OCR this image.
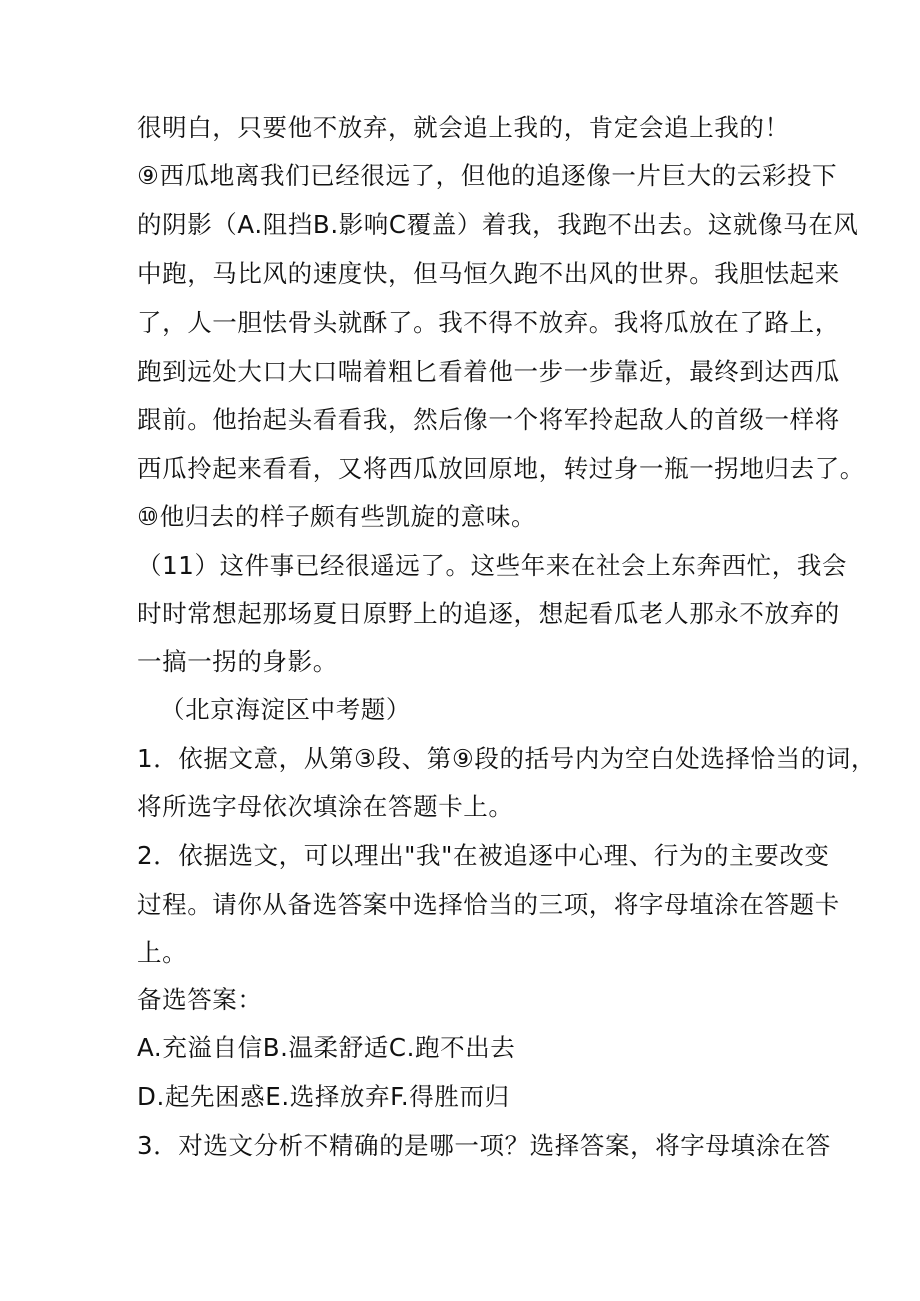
很明白，只要他不放弃，就会追上我的，肯定会追上我的！
⑨西瓜地离我们已经很远了，但他的追逐像一片巨大的云彩投下
的阴影（A.阻挡B.影响C覆盖）着我，我跑不出去。这就像马在风
中跑，马比风的速度快，但马恒久跑不出风的世界。我胆怯起来
了，人一胆怯骨头就酥了。我不得不放弃。我将瓜放在了路上，
跑到远处大口大口喘着粗匕看着他一步一步靠近，最终到达西瓜
跟前。他抬起头看看我，然后像一个将军拎起敌人的首级一样将
西瓜拎起来看看，又将西瓜放回原地，转过身一瓶一拐地归去了。
⑩他归去的样子颇有些凯旋的意味。
（11）这件事已经很遥远了。这些年来在社会上东奔西忙，我会
时时常想起那场夏日原野上的追逐，想起看瓜老人那永不放弃的
一搞一拐的身影。
（北京海淀区中考题）
1．依据文意，从第③段、第⑨段的括号内为空白处选择恰当的词，
将所选字母依次填涂在答题卡上。
2．依据选文，可以理出"我"在被追逐中心理、行为的主要改变
过程。请你从备选答案中选择恰当的三项，将字母埴涂在答题卡
上。
备选答案：
A.充溢自信B.温柔舒适C.跑不出去
D.起先困惑E.选择放弃F.得胜而归
3．对选文分析不精确的是哪一项？选择答案，将字母填涂在答
